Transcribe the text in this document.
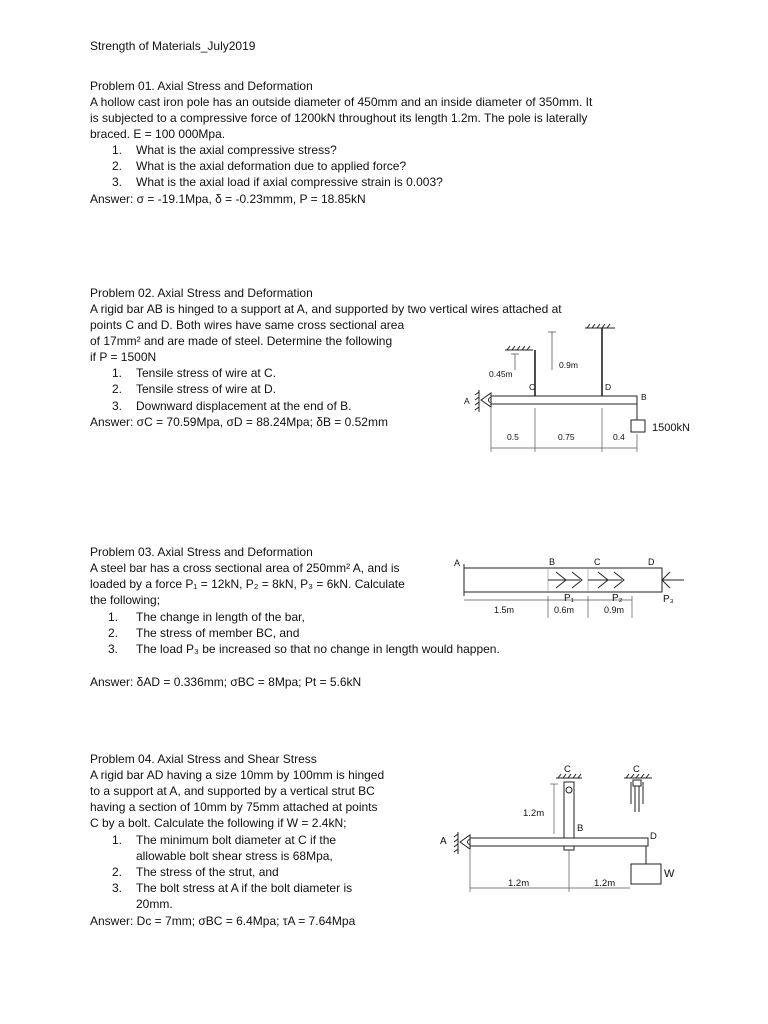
Strength of Materials_July2019
Problem 01. Axial Stress and Deformation
A hollow cast iron pole has an outside diameter of 450mm and an inside diameter of 350mm. It
is subjected to a compressive force of 1200kN throughout its length 1.2m. The pole is laterally
braced. E = 100 000Mpa.
1. What is the axial compressive stress?
2. What is the axial deformation due to applied force?
3. What is the axial load if axial compressive strain is 0.003?
Answer: σ = -19.1Mpa, δ = -0.23mmm, P = 18.85kN
Problem 02. Axial Stress and Deformation
A rigid bar AB is hinged to a support at A, and supported by two vertical wires attached at
points C and D. Both wires have same cross sectional area
of 17mm² and are made of steel. Determine the following
if P = 1500N
1. Tensile stress of wire at C.
2. Tensile stress of wire at D.
3. Downward displacement at the end of B.
Answer: σC = 70.59Mpa, σD = 88.24Mpa; δB = 0.52mm
A
C	D
B
0.45m
0.9m
0.5	0.75	0.4
1500kN
Problem 03. Axial Stress and Deformation
A steel bar has a cross sectional area of 250mm² A, and is
loaded by a force P₁ = 12kN, P₂ = 8kN, P₃ = 6kN. Calculate
the following;
1. The change in length of the bar,
2. The stress of member BC, and
3. The load P₃ be increased so that no change in length would happen.
Answer: δAD = 0.336mm; σBC = 8Mpa; Pt = 5.6kN
A	B	C	D
P₁	P₂	P₃
1.5m	0.6m	0.9m
Problem 04. Axial Stress and Shear Stress
A rigid bar AD having a size 10mm by 100mm is hinged
to a support at A, and supported by a vertical strut BC
having a section of 10mm by 75mm attached at points
C by a bolt. Calculate the following if W = 2.4kN;
1. The minimum bolt diameter at C if the
allowable bolt shear stress is 68Mpa,
2. The stress of the strut, and
3. The bolt stress at A if the bolt diameter is
20mm.
Answer: Dc = 7mm; σBC = 6.4Mpa; τA = 7.64Mpa
A
C	C
B
D
W
1.2m
1.2m	1.2m
